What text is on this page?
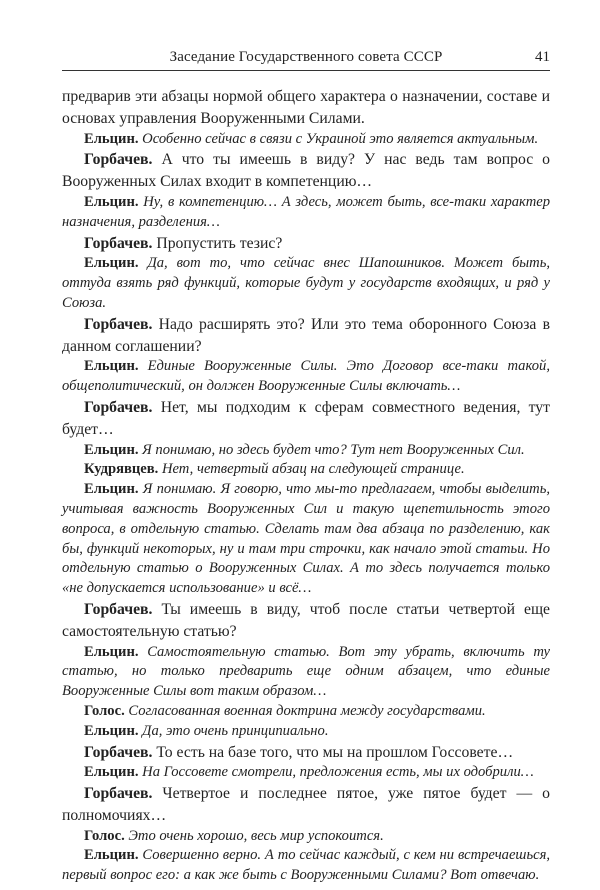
Заседание Государственного совета СССР	41

предварив эти абзацы нормой общего характера о назначении, составе и основах управления Вооруженными Силами.

Ельцин. Особенно сейчас в связи с Украиной это является актуальным.

Горбачев. А что ты имеешь в виду? У нас ведь там вопрос о Вооруженных Силах входит в компетенцию…

Ельцин. Ну, в компетенцию… А здесь, может быть, все-таки характер назначения, разделения…

Горбачев. Пропустить тезис?

Ельцин. Да, вот то, что сейчас внес Шапошников. Может быть, оттуда взять ряд функций, которые будут у государств входящих, и ряд у Союза.

Горбачев. Надо расширять это? Или это тема оборонного Союза в данном соглашении?

Ельцин. Единые Вооруженные Силы. Это Договор все-таки такой, общеполитический, он должен Вооруженные Силы включать…

Горбачев. Нет, мы подходим к сферам совместного ведения, тут будет…

Ельцин. Я понимаю, но здесь будет что? Тут нет Вооруженных Сил.

Кудрявцев. Нет, четвертый абзац на следующей странице.

Ельцин. Я понимаю. Я говорю, что мы-то предлагаем, чтобы выделить, учитывая важность Вооруженных Сил и такую щепетильность этого вопроса, в отдельную статью. Сделать там два абзаца по разделению, как бы, функций некоторых, ну и там три строчки, как начало этой статьи. Но отдельную статью о Вооруженных Силах. А то здесь получается только «не допускается использование» и всё…

Горбачев. Ты имеешь в виду, чтоб после статьи четвертой еще самостоятельную статью?

Ельцин. Самостоятельную статью. Вот эту убрать, включить ту статью, но только предварить еще одним абзацем, что единые Вооруженные Силы вот таким образом…

Голос. Согласованная военная доктрина между государствами.

Ельцин. Да, это очень принципиально.

Горбачев. То есть на базе того, что мы на прошлом Госсовете…

Ельцин. На Госсовете смотрели, предложения есть, мы их одобрили…

Горбачев. Четвертое и последнее пятое, уже пятое будет — о полномочиях…

Голос. Это очень хорошо, весь мир успокоится.

Ельцин. Совершенно верно. А то сейчас каждый, с кем ни встречаешься, первый вопрос его: а как же быть с Вооруженными Силами? Вот отвечаю.
